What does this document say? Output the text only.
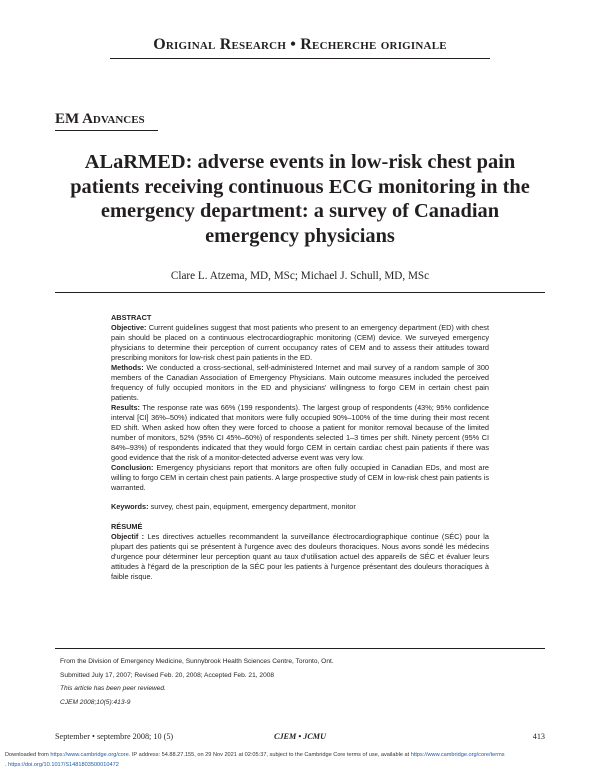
Original Research • Recherche originale
EM Advances
ALaRMED: adverse events in low-risk chest pain patients receiving continuous ECG monitoring in the emergency department: a survey of Canadian emergency physicians
Clare L. Atzema, MD, MSc; Michael J. Schull, MD, MSc

ABSTRACT

Objective: Current guidelines suggest that most patients who present to an emergency department (ED) with chest pain should be placed on a continuous electrocardiographic monitoring (CEM) device. We surveyed emergency physicians to determine their perception of current occupancy rates of CEM and to assess their attitudes toward prescribing monitors for low-risk chest pain patients in the ED.

Methods: We conducted a cross-sectional, self-administered Internet and mail survey of a random sample of 300 members of the Canadian Association of Emergency Physicians. Main outcome measures included the perceived frequency of fully occupied monitors in the ED and physicians' willingness to forgo CEM in certain chest pain patients.

Results: The response rate was 66% (199 respondents). The largest group of respondents (43%; 95% confidence interval [CI] 36%–50%) indicated that monitors were fully occupied 90%–100% of the time during their most recent ED shift. When asked how often they were forced to choose a patient for monitor removal because of the limited number of monitors, 52% (95% CI 45%–60%) of respondents selected 1–3 times per shift. Ninety percent (95% CI 84%–93%) of respondents indicated that they would forgo CEM in certain cardiac chest pain patients if there was good evidence that the risk of a monitor-detected adverse event was very low.

Conclusion: Emergency physicians report that monitors are often fully occupied in Canadian EDs, and most are willing to forgo CEM in certain chest pain patients. A large prospective study of CEM in low-risk chest pain patients is warranted.

Keywords: survey, chest pain, equipment, emergency department, monitor

RÉSUMÉ

Objectif : Les directives actuelles recommandent la surveillance électrocardiographique continue (SÉC) pour la plupart des patients qui se présentent à l'urgence avec des douleurs thoraciques. Nous avons sondé les médecins d'urgence pour déterminer leur perception quant au taux d'utilisation actuel des appareils de SÉC et évaluer leurs attitudes à l'égard de la prescription de la SÉC pour les patients à l'urgence présentant des douleurs thoraciques à faible risque.

From the Division of Emergency Medicine, Sunnybrook Health Sciences Centre, Toronto, Ont.

Submitted July 17, 2007; Revised Feb. 20, 2008; Accepted Feb. 21, 2008

This article has been peer reviewed.

CJEM 2008;10(5):413-9

September • septembre 2008; 10 (5)	CJEM • JCMU	413
Downloaded from https://www.cambridge.org/core. IP address: 54.88.27.155, on 29 Nov 2021 at 02:05:37, subject to the Cambridge Core terms of use, available at https://www.cambridge.org/core/terms
. https://doi.org/10.1017/S1481803500010472
